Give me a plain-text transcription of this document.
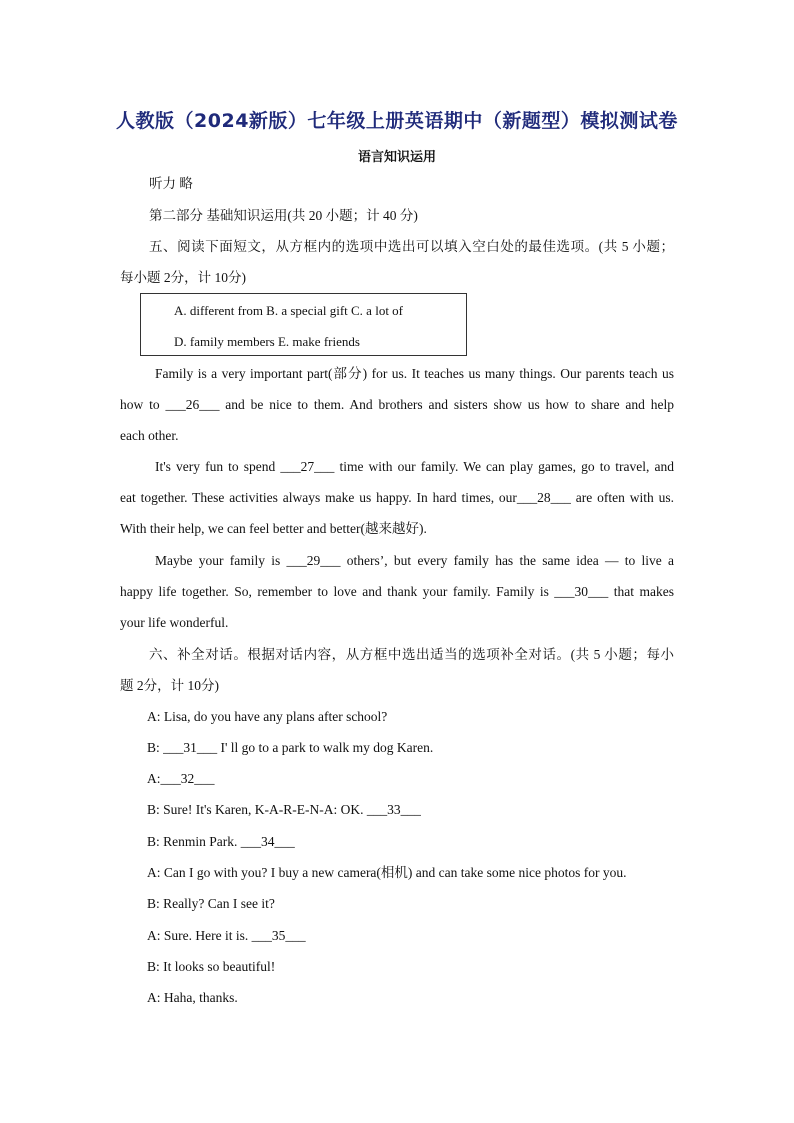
人教版（2024新版）七年级上册英语期中（新题型）模拟测试卷
语言知识运用
听力 略
第二部分 基础知识运用(共 20 小题；计 40 分)
五、阅读下面短文，从方框内的选项中选出可以填入空白处的最佳选项。(共 5 小题；
每小题 2分，计 10分)
A. different from B. a special gift C. a lot of
D. family members E. make friends
Family is a very important part(部分) for us. It teaches us many things. Our parents teach us
how to ___26___ and be nice to them. And brothers and sisters show us how to share and help
each other.
It's very fun to spend ___27___ time with our family. We can play games, go to travel, and
eat together. These activities always make us happy. In hard times, our___28___ are often with us.
With their help, we can feel better and better(越来越好).
Maybe your family is ___29___ others’, but every family has the same idea — to live a
happy life together. So, remember to love and thank your family. Family is ___30___ that makes
your life wonderful.
六、补全对话。根据对话内容，从方框中选出适当的选项补全对话。(共 5 小题；每小
题 2分，计 10分)
A: Lisa, do you have any plans after school?
B: ___31___ I' ll go to a park to walk my dog Karen.
A:___32___
B: Sure! It's Karen, K-A-R-E-N-A: OK. ___33___
B: Renmin Park. ___34___
A: Can I go with you? I buy a new camera(相机) and can take some nice photos for you.
B: Really? Can I see it?
A: Sure. Here it is. ___35___
B: It looks so beautiful!
A: Haha, thanks.
